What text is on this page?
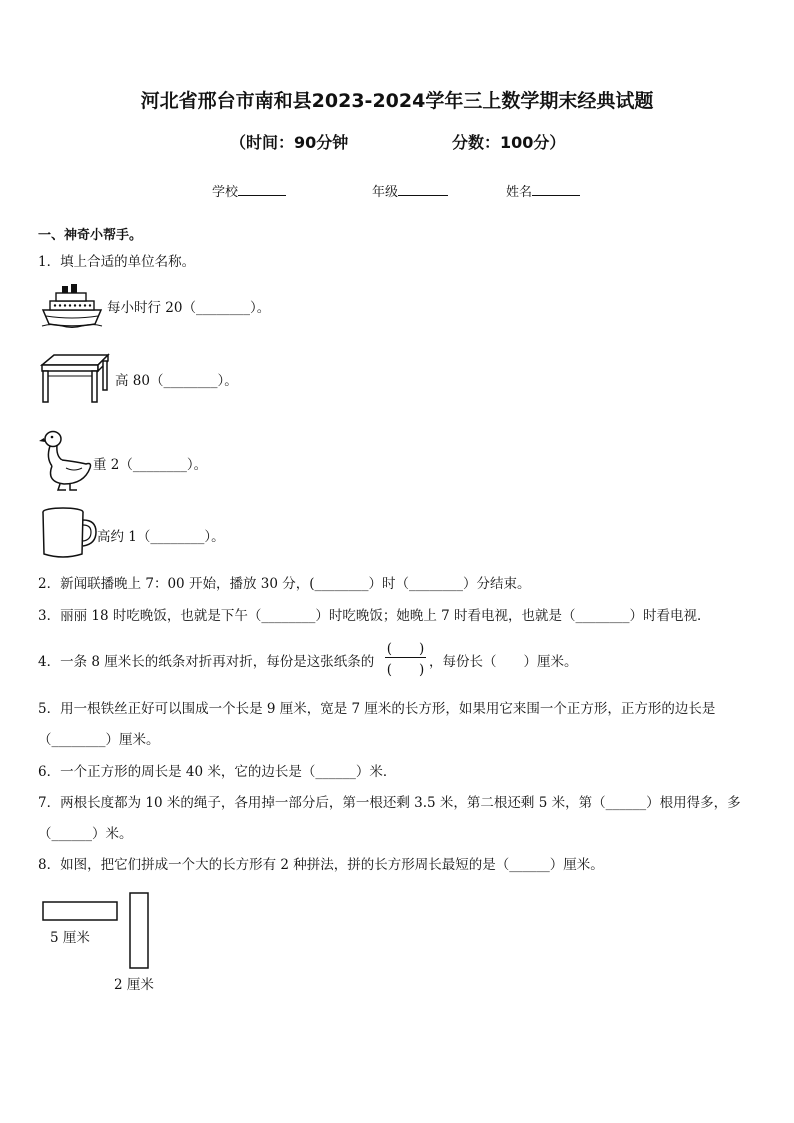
河北省邢台市南和县2023-2024学年三上数学期末经典试题
（时间：90分钟	分数：100分）
学校	年级	姓名
一、神奇小帮手。
1．填上合适的单位名称。
每小时行 20（________）。
高 80（________）。
重 2（________）。
高约 1（________）。
2．新闻联播晚上 7：00 开始，播放 30 分，(________）时（________）分结束。
3．丽丽 18 时吃晚饭，也就是下午（________）时吃晚饭；她晚上 7 时看电视，也就是（________）时看电视．
4．一条 8 厘米长的纸条对折再对折，每份是这张纸条的
(　　)
(　　) ，每份长（　　）厘米。
5．用一根铁丝正好可以围成一个长是 9 厘米，宽是 7 厘米的长方形，如果用它来围一个正方形，正方形的边长是
（________）厘米。
6．一个正方形的周长是 40 米，它的边长是（______）米．
7．两根长度都为 10 米的绳子，各用掉一部分后，第一根还剩 3.5 米，第二根还剩 5 米，第（______）根用得多，多
（______）米。
8．如图，把它们拼成一个大的长方形有 2 种拼法，拼的长方形周长最短的是（______）厘米。
5 厘米
2 厘米
